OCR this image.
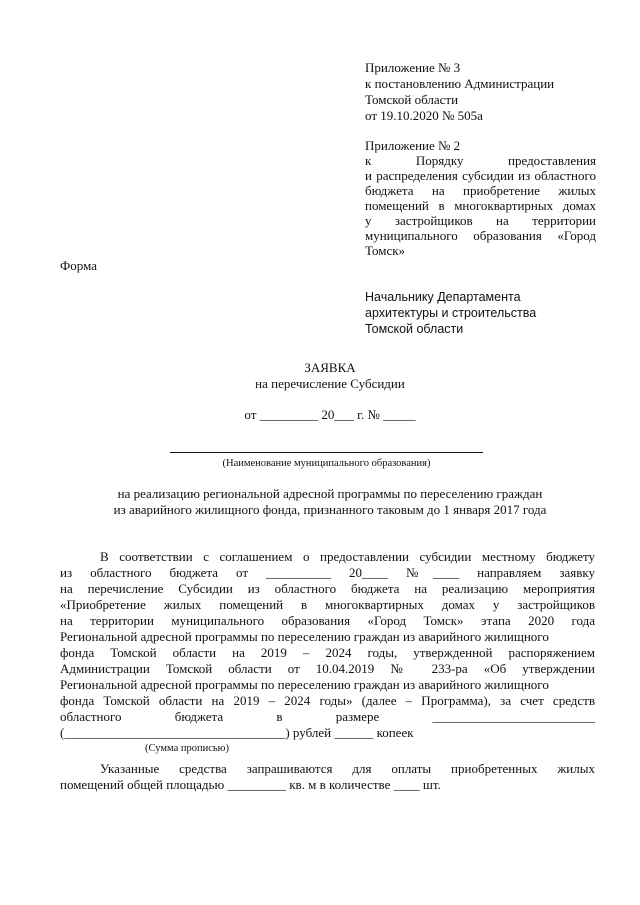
Приложение № 3
к постановлению Администрации
Томской области
от 19.10.2020 № 505а
Приложение № 2
к Порядку предоставления
и распределения субсидии из областного
бюджета на приобретение жилых
помещений в многоквартирных домах
у застройщиков на территории
муниципального образования «Город
Томск»
Форма
Начальнику Департамента
архитектуры и строительства
Томской области
ЗАЯВКА
на перечисление Субсидии
от _________ 20___ г. № _____
(Наименование муниципального образования)
на реализацию региональной адресной программы по переселению граждан
из аварийного жилищного фонда, признанного таковым до 1 января 2017 года
В соответствии с соглашением о предоставлении субсидии местному бюджету
из областного бюджета от __________ 20____ №____ направляем заявку
на перечисление Субсидии из областного бюджета на реализацию мероприятия
«Приобретение жилых помещений в многоквартирных домах у застройщиков
на территории муниципального образования «Город Томск» этапа 2020 года
Региональной адресной программы по переселению граждан из аварийного жилищного
фонда Томской области на 2019 – 2024 годы, утвержденной распоряжением
Администрации Томской области от 10.04.2019 № 233-ра «Об утверждении
Региональной адресной программы по переселению граждан из аварийного жилищного
фонда Томской области на 2019 – 2024 годы» (далее – Программа), за счет средств
областного бюджета в размере _________________________
(__________________________________) рублей ______ копеек
(Сумма прописью)
Указанные средства запрашиваются для оплаты приобретенных жилых
помещений общей площадью _________ кв. м в количестве ____ шт.
